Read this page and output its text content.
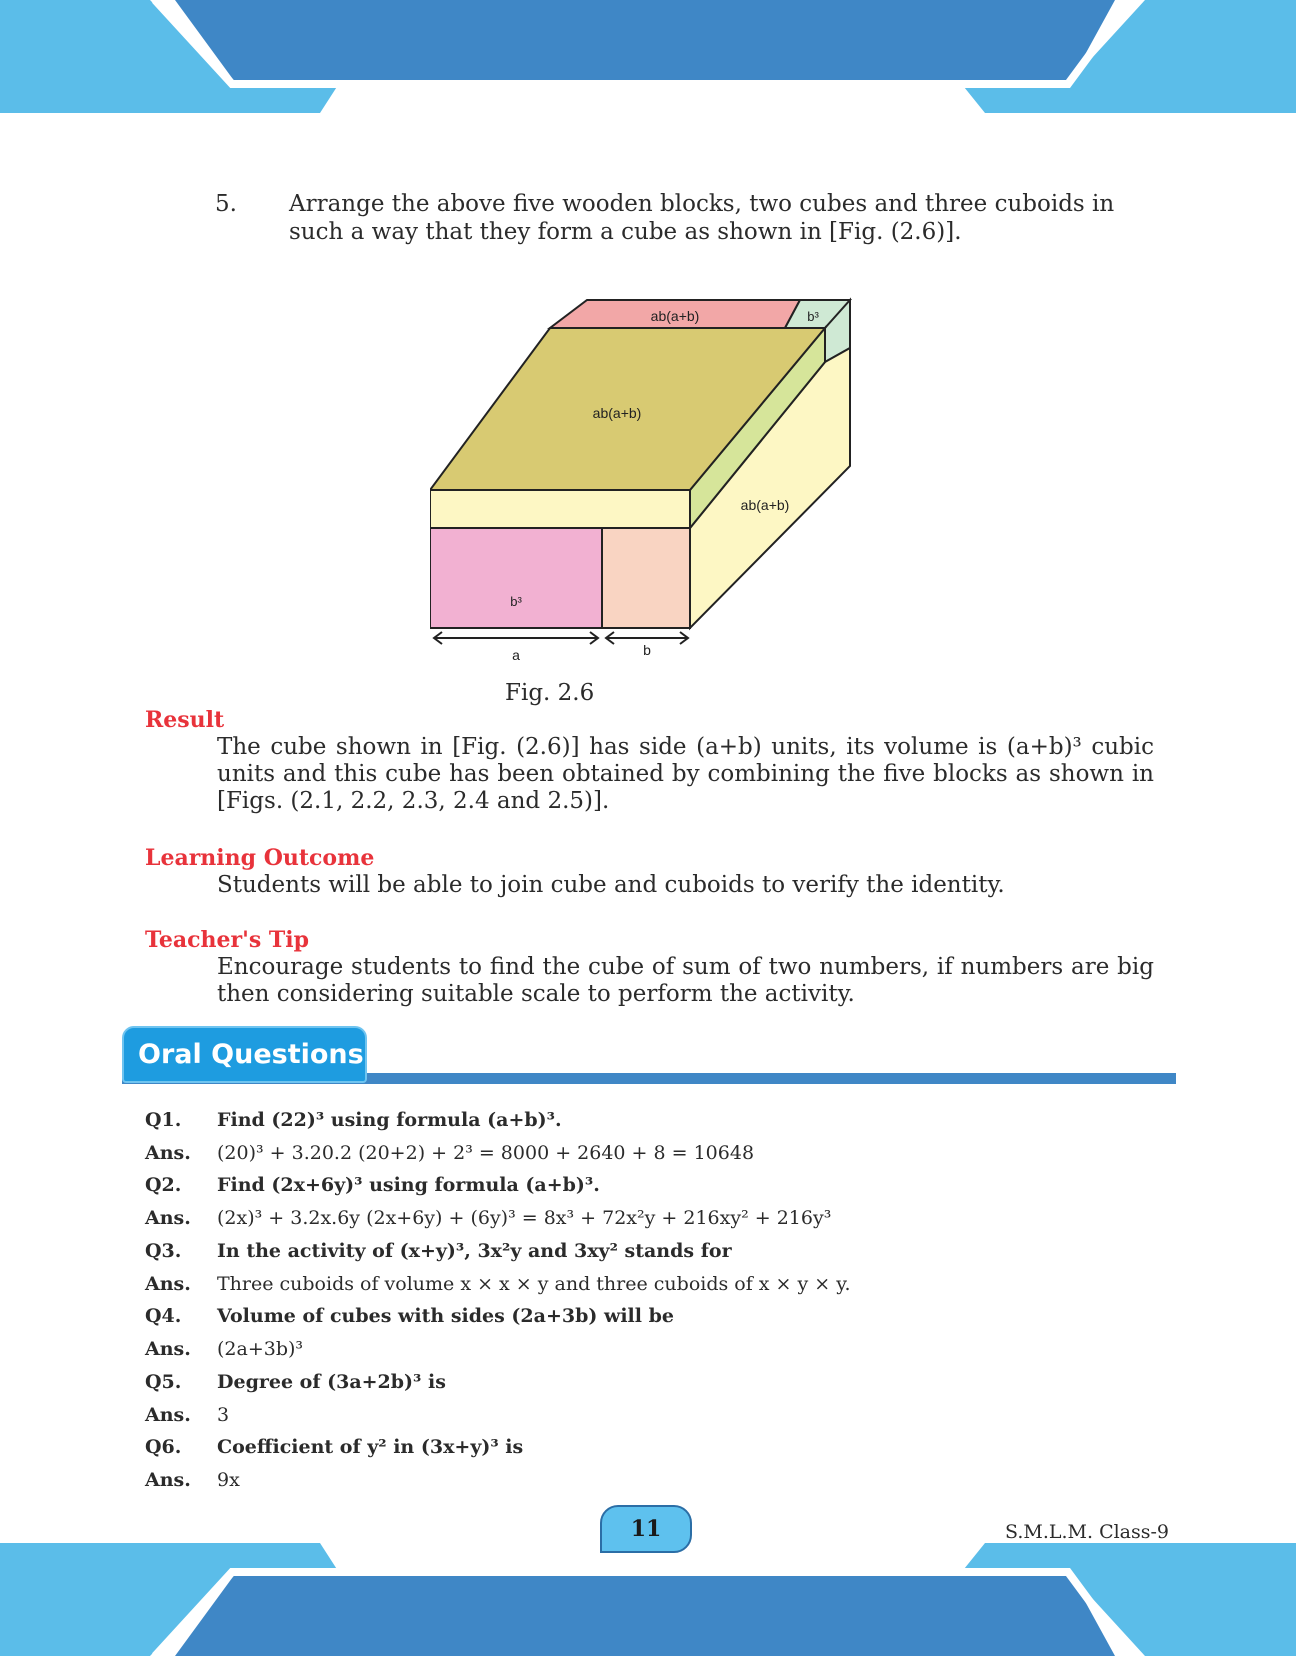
5. Arrange the above five wooden blocks, two cubes and three cuboids in such a way that they form a cube as shown in [Fig. (2.6)].
ab(a+b)	b³
ab(a+b)
ab(a+b)
b³
a	b
Fig. 2.6
Result
The cube shown in [Fig. (2.6)] has side (a+b) units, its volume is (a+b)³ cubic units and this cube has been obtained by combining the five blocks as shown in [Figs. (2.1, 2.2, 2.3, 2.4 and 2.5)].
Learning Outcome
Students will be able to join cube and cuboids to verify the identity.
Teacher's Tip
Encourage students to find the cube of sum of two numbers, if numbers are big then considering suitable scale to perform the activity.
Oral Questions
Q1. Find (22)³ using formula (a+b)³.
Ans. (20)³ + 3.20.2 (20+2) + 2³ = 8000 + 2640 + 8 = 10648
Q2. Find (2x+6y)³ using formula (a+b)³.
Ans. (2x)³ + 3.2x.6y (2x+6y) + (6y)³ = 8x³ + 72x²y + 216xy² + 216y³
Q3. In the activity of (x+y)³, 3x²y and 3xy² stands for
Ans. Three cuboids of volume x × x × y and three cuboids of x × y × y.
Q4. Volume of cubes with sides (2a+3b) will be
Ans. (2a+3b)³
Q5. Degree of (3a+2b)³ is
Ans. 3
Q6. Coefficient of y² in (3x+y)³ is
Ans. 9x
11	S.M.L.M. Class-9
